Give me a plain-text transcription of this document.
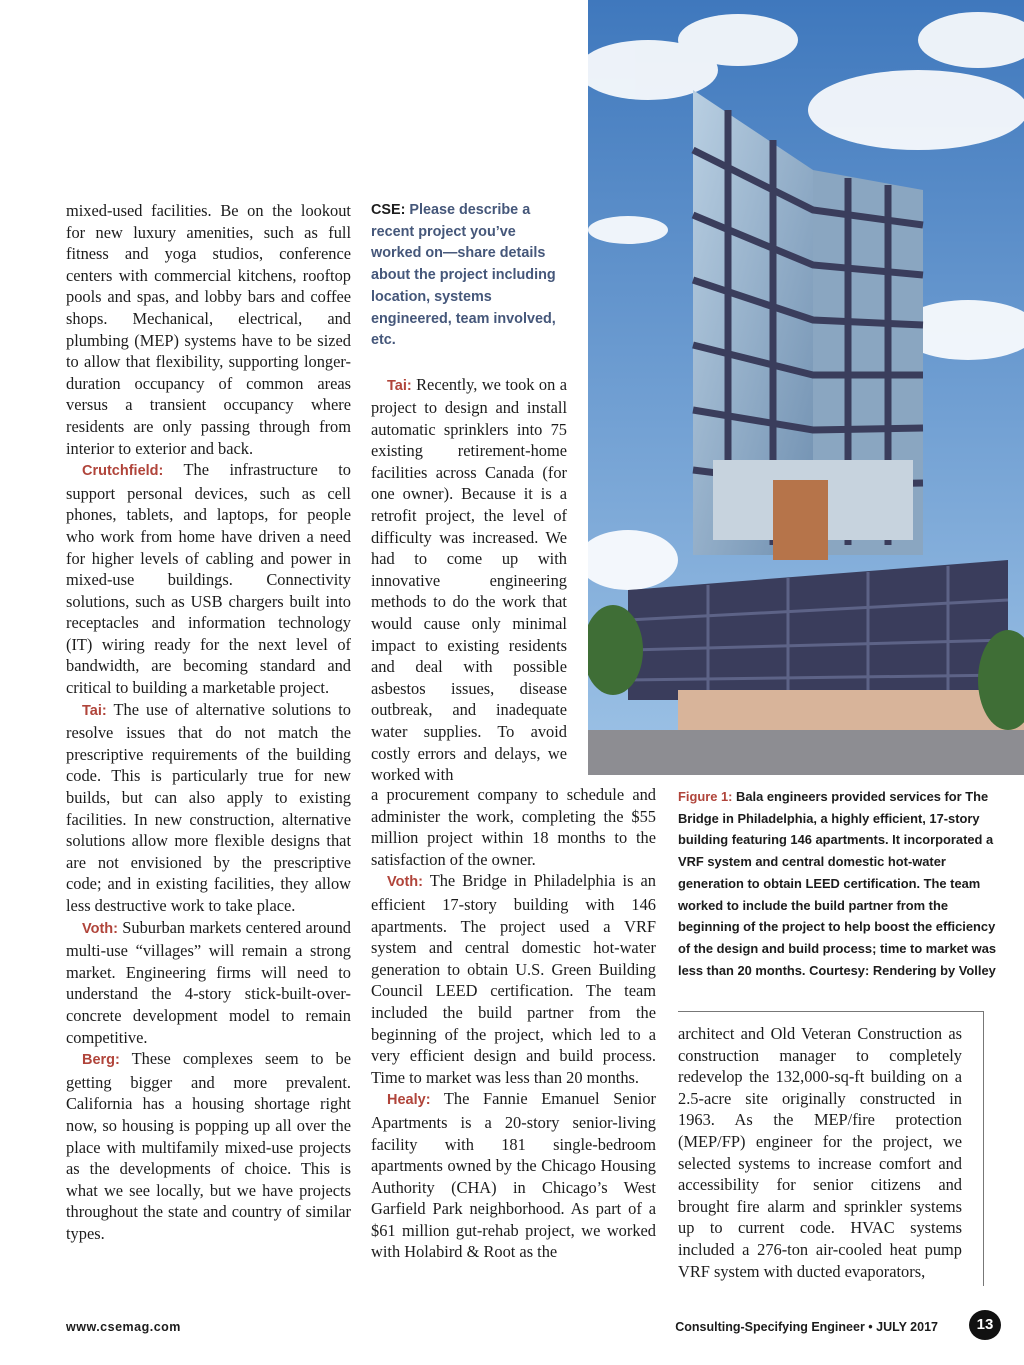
mixed-used facilities. Be on the lookout for new luxury amenities, such as full fitness and yoga studios, conference centers with commercial kitchens, rooftop pools and spas, and lobby bars and coffee shops. Mechanical, electrical, and plumbing (MEP) systems have to be sized to allow that flexibility, supporting longer-duration occupancy of common areas versus a transient occupancy where residents are only passing through from interior to exterior and back.

Crutchfield: The infrastructure to support personal devices, such as cell phones, tablets, and laptops, for people who work from home have driven a need for higher levels of cabling and power in mixed-use buildings. Connectivity solutions, such as USB chargers built into receptacles and information technology (IT) wiring ready for the next level of bandwidth, are becoming standard and critical to building a marketable project.

Tai: The use of alternative solutions to resolve issues that do not match the prescriptive requirements of the building code. This is particularly true for new builds, but can also apply to existing facilities. In new construction, alternative solutions allow more flexible designs that are not envisioned by the prescriptive code; and in existing facilities, they allow less destructive work to take place.

Voth: Suburban markets centered around multi-use “villages” will remain a strong market. Engineering firms will need to understand the 4-story stick-built-over-concrete development model to remain competitive.

Berg: These complexes seem to be getting bigger and more prevalent. California has a housing shortage right now, so housing is popping up all over the place with multifamily mixed-use projects as the developments of choice. This is what we see locally, but we have projects throughout the state and country of similar types.

CSE: Please describe a recent project you’ve worked on—share details about the project including location, systems engineered, team involved, etc.

Tai: Recently, we took on a project to design and install automatic sprinklers into 75 existing retirement-home facilities across Canada (for one owner). Because it is a retrofit project, the level of difficulty was increased. We had to come up with innovative engineering methods to do the work that would cause only minimal impact to existing residents and deal with possible asbestos issues, disease outbreak, and inadequate water supplies. To avoid costly errors and delays, we worked with

a procurement company to schedule and administer the work, completing the $55 million project within 18 months to the satisfaction of the owner.

Voth: The Bridge in Philadelphia is an efficient 17-story building with 146 apartments. The project used a VRF system and central domestic hot-water generation to obtain U.S. Green Building Council LEED certification. The team included the build partner from the beginning of the project, which led to a very efficient design and build process. Time to market was less than 20 months.

Healy: The Fannie Emanuel Senior Apartments is a 20-story senior-living facility with 181 single-bedroom apartments owned by the Chicago Housing Authority (CHA) in Chicago’s West Garfield Park neighborhood. As part of a $61 million gut-rehab project, we worked with Holabird & Root as the

Figure 1: Bala engineers provided services for The Bridge in Philadelphia, a highly efficient, 17-story building featuring 146 apartments. It incorporated a VRF system and central domestic hot-water generation to obtain LEED certification. The team worked to include the build partner from the beginning of the project to help boost the efficiency of the design and build process; time to market was less than 20 months. Courtesy: Rendering by Volley

architect and Old Veteran Construction as construction manager to completely redevelop the 132,000-sq-ft building on a 2.5-acre site originally constructed in 1963. As the MEP/fire protection (MEP/FP) engineer for the project, we selected systems to increase comfort and accessibility for senior citizens and brought fire alarm and sprinkler systems up to current code. HVAC systems included a 276-ton air-cooled heat pump VRF system with ducted evaporators,

www.csemag.com	Consulting-Specifying Engineer • JULY 2017	13
